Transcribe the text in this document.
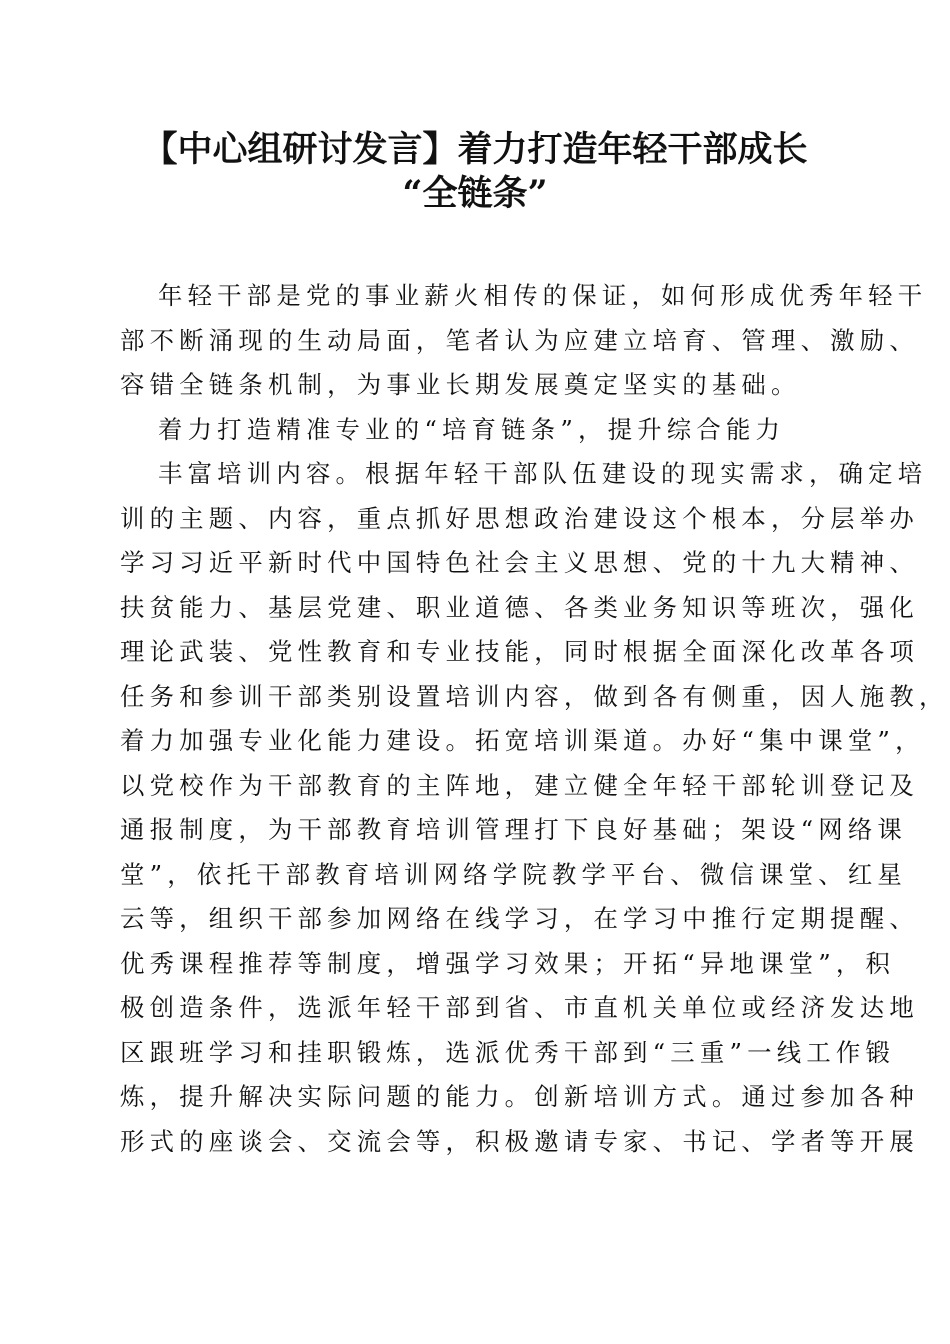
【中心组研讨发言】着力打造年轻干部成长
“全链条”
年轻干部是党的事业薪火相传的保证，如何形成优秀年轻干
部不断涌现的生动局面，笔者认为应建立培育、管理、激励、
容错全链条机制，为事业长期发展奠定坚实的基础。
着力打造精准专业的“培育链条”，提升综合能力
丰富培训内容。根据年轻干部队伍建设的现实需求，确定培
训的主题、内容，重点抓好思想政治建设这个根本，分层举办
学习习近平新时代中国特色社会主义思想、党的十九大精神、
扶贫能力、基层党建、职业道德、各类业务知识等班次，强化
理论武装、党性教育和专业技能，同时根据全面深化改革各项
任务和参训干部类别设置培训内容，做到各有侧重，因人施教，
着力加强专业化能力建设。拓宽培训渠道。办好“集中课堂”，
以党校作为干部教育的主阵地，建立健全年轻干部轮训登记及
通报制度，为干部教育培训管理打下良好基础；架设“网络课
堂”，依托干部教育培训网络学院教学平台、微信课堂、红星
云等，组织干部参加网络在线学习，在学习中推行定期提醒、
优秀课程推荐等制度，增强学习效果；开拓“异地课堂”，积
极创造条件，选派年轻干部到省、市直机关单位或经济发达地
区跟班学习和挂职锻炼，选派优秀干部到“三重”一线工作锻
炼，提升解决实际问题的能力。创新培训方式。通过参加各种
形式的座谈会、交流会等，积极邀请专家、书记、学者等开展
